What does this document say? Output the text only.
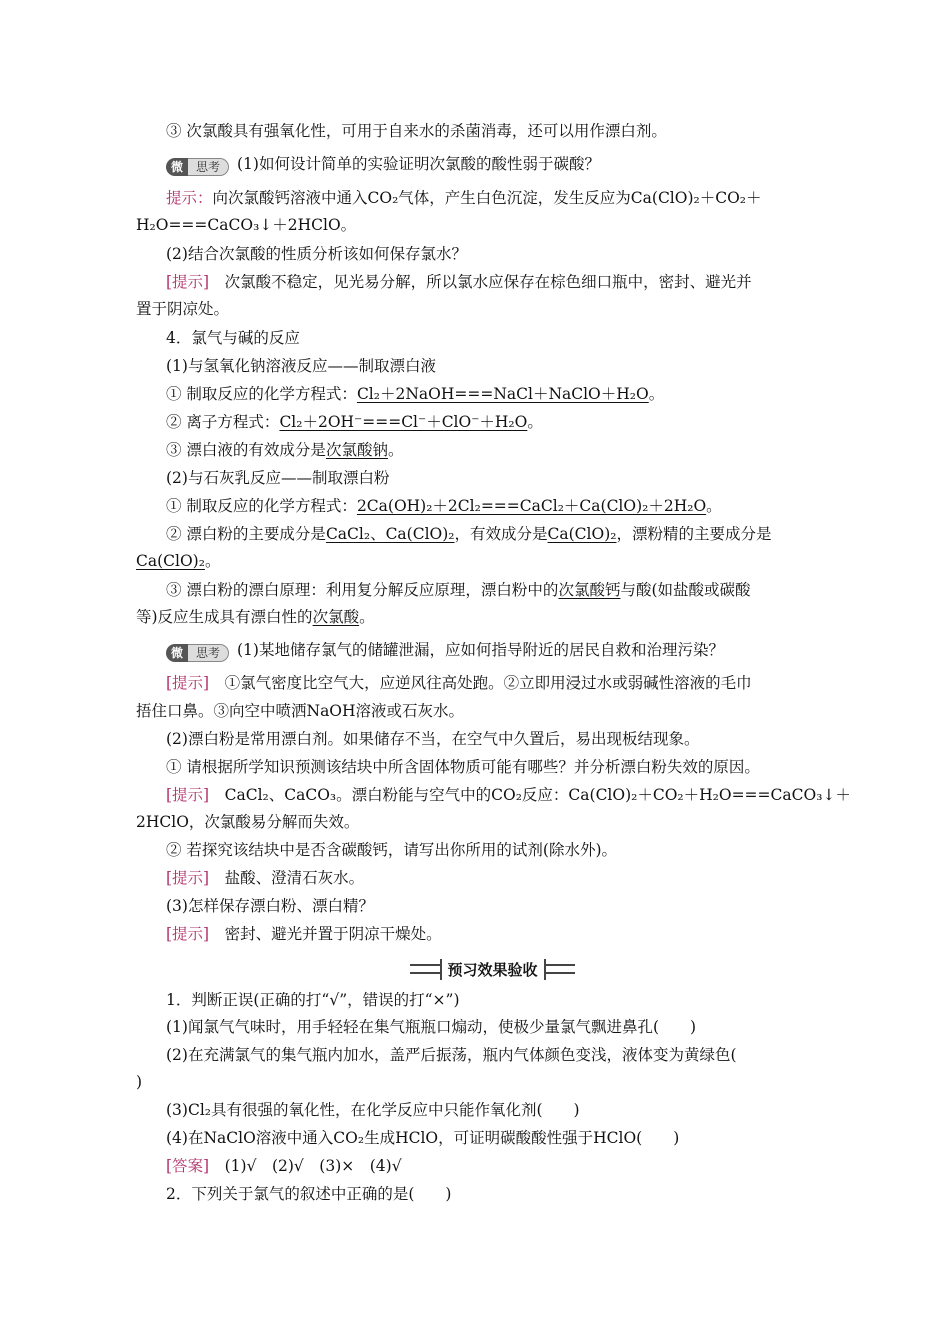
③ 次氯酸具有强氧化性，可用于自来水的杀菌消毒，还可以用作漂白剂。
微	思考	(1)如何设计简单的实验证明次氯酸的酸性弱于碳酸？
提示：向次氯酸钙溶液中通入CO₂气体，产生白色沉淀，发生反应为Ca(ClO)₂＋CO₂＋
H₂O===CaCO₃↓＋2HClO。
(2)结合次氯酸的性质分析该如何保存氯水？
[提示]　 次氯酸不稳定，见光易分解，所以氯水应保存在棕色细口瓶中，密封、避光并
置于阴凉处。
4．氯气与碱的反应
(1)与氢氧化钠溶液反应——制取漂白液
① 制取反应的化学方程式：Cl₂＋2NaOH===NaCl＋NaClO＋H₂O。
② 离子方程式：Cl₂＋2OH⁻===Cl⁻＋ClO⁻＋H₂O。
③ 漂白液的有效成分是次氯酸钠。
(2)与石灰乳反应——制取漂白粉
① 制取反应的化学方程式：2Ca(OH)₂＋2Cl₂===CaCl₂＋Ca(ClO)₂＋2H₂O。
② 漂白粉的主要成分是CaCl₂、Ca(ClO)₂，有效成分是Ca(ClO)₂，漂粉精的主要成分是
Ca(ClO)₂。
③ 漂白粉的漂白原理：利用复分解反应原理，漂白粉中的次氯酸钙与酸(如盐酸或碳酸
等)反应生成具有漂白性的次氯酸。
微	思考	(1)某地储存氯气的储罐泄漏，应如何指导附近的居民自救和治理污染？
[提示]　 ①氯气密度比空气大，应逆风往高处跑。②立即用浸过水或弱碱性溶液的毛巾
捂住口鼻。③向空中喷洒NaOH溶液或石灰水。
(2)漂白粉是常用漂白剂。如果储存不当，在空气中久置后，易出现板结现象。
① 请根据所学知识预测该结块中所含固体物质可能有哪些？并分析漂白粉失效的原因。
[提示]　 CaCl₂、CaCO₃。漂白粉能与空气中的CO₂反应：Ca(ClO)₂＋CO₂＋H₂O===CaCO₃↓＋
2HClO，次氯酸易分解而失效。
② 若探究该结块中是否含碳酸钙，请写出你所用的试剂(除水外)。
[提示]　 盐酸、澄清石灰水。
(3)怎样保存漂白粉、漂白精？
[提示]　 密封、避光并置于阴凉干燥处。
预习效果验收
1．判断正误(正确的打“√”，错误的打“×”)
(1)闻氯气气味时，用手轻轻在集气瓶瓶口煽动，使极少量氯气飘进鼻孔(　　)
(2)在充满氯气的集气瓶内加水，盖严后振荡，瓶内气体颜色变浅，液体变为黄绿色(
)
(3)Cl₂具有很强的氧化性，在化学反应中只能作氧化剂(　　)
(4)在NaClO溶液中通入CO₂生成HClO，可证明碳酸酸性强于HClO(　　)
[答案]　 (1)√　(2)√　(3)×　(4)√
2．下列关于氯气的叙述中正确的是(　　)
